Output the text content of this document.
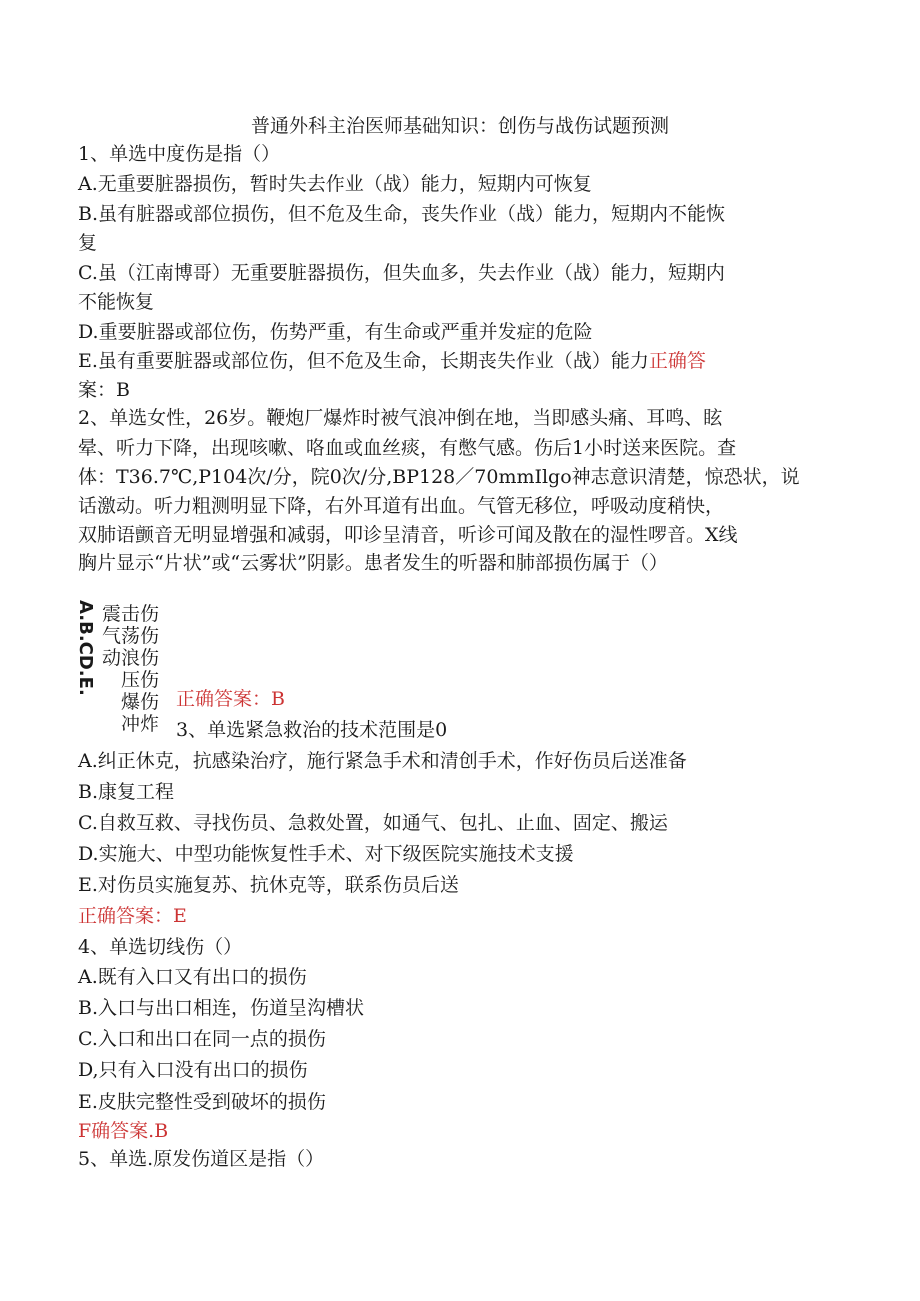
普通外科主治医师基础知识：创伤与战伤试题预测
1、单选中度伤是指（）
A.无重要脏器损伤，暂时失去作业（战）能力，短期内可恢复
B.虽有脏器或部位损伤，但不危及生命，丧失作业（战）能力，短期内不能恢
复
C.虽（江南博哥）无重要脏器损伤，但失血多，失去作业（战）能力，短期内
不能恢复
D.重要脏器或部位伤，伤势严重，有生命或严重并发症的危险
E.虽有重要脏器或部位伤，但不危及生命，长期丧失作业（战）能力正确答
案：B
2、单选女性，26岁。鞭炮厂爆炸时被气浪冲倒在地，当即感头痛、耳鸣、眩
晕、听力下降，出现咳嗽、咯血或血丝痰，有憋气感。伤后1小时送来医院。查
体：T36.7℃,P104次/分，院0次/分,BP128／70mmIlgo神志意识清楚，惊恐状，说
话激动。听力粗测明显下降，右外耳道有出血。气管无移位，呼吸动度稍快，
双肺语颤音无明显增强和减弱，叩诊呈清音，听诊可闻及散在的湿性啰音。X线
胸片显示“片状”或“云雾状”阴影。患者发生的听器和肺部损伤属于（）
A.B.CD.E. 震击伤
气荡伤
动浪伤
压伤
爆伤
冲炸
正确答案：B
3、单选紧急救治的技术范围是0
A.纠正休克，抗感染治疗，施行紧急手术和清创手术，作好伤员后送准备
B.康复工程
C.自救互救、寻找伤员、急救处置，如通气、包扎、止血、固定、搬运
D.实施大、中型功能恢复性手术、对下级医院实施技术支援
E.对伤员实施复苏、抗休克等，联系伤员后送
正确答案：E
4、单选切线伤（）
A.既有入口又有出口的损伤
B.入口与出口相连，伤道呈沟槽状
C.入口和出口在同一点的损伤
D,只有入口没有出口的损伤
E.皮肤完整性受到破坏的损伤
F确答案.B
5、单选.原发伤道区是指（）
